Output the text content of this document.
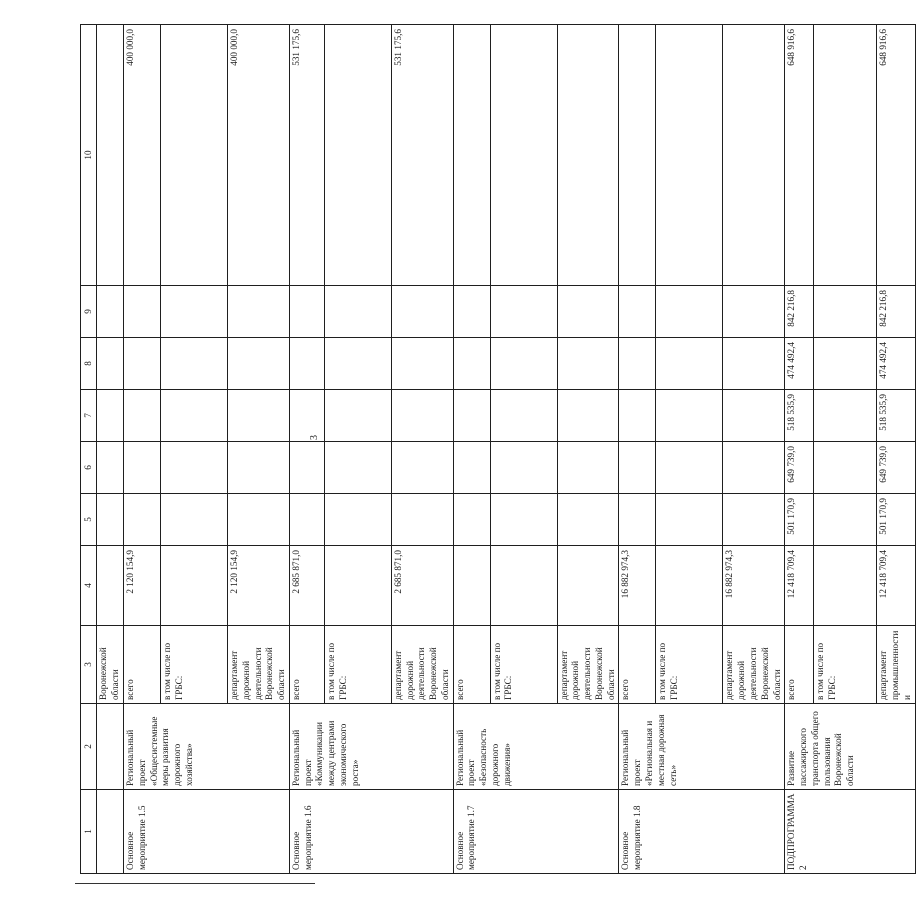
3
1	2	3	4	5	6	7	8	9	10
		Воронежской области							
Основное мероприятие 1.5	Региональный проект «Общесистемные меры развития дорожного хозяйства»	всего	2 120 154,9						400 000,0
		в том числе по ГРБС:							
		департамент дорожной деятельности Воронежской области	2 120 154,9						400 000,0
Основное мероприятие 1.6	Региональный проект «Коммуникации между центрами экономического роста»	всего	2 685 871,0						531 175,6
		в том числе по ГРБС:							
		департамент дорожной деятельности Воронежской области	2 685 871,0						531 175,6
Основное мероприятие 1.7	Региональный проект «Безопасность дорожного движения»	всего							
		в том числе по ГРБС:							
		департамент дорожной деятельности Воронежской области							
Основное мероприятие 1.8	Региональный проект «Региональная и местная дорожная сеть»	всего	16 882 974,3						
		в том числе по ГРБС:							
		департамент дорожной деятельности Воронежской области	16 882 974,3						
ПОДПРОГРАММА 2	Развитие пассажирского транспорта общего пользования Воронежской области	всего	12 418 709,4	501 170,9	649 739,0	518 535,9	474 492,4	842 216,8	648 916,6
		в том числе по ГРБС:							
		департамент промышленности и	12 418 709,4	501 170,9	649 739,0	518 535,9	474 492,4	842 216,8	648 916,6
